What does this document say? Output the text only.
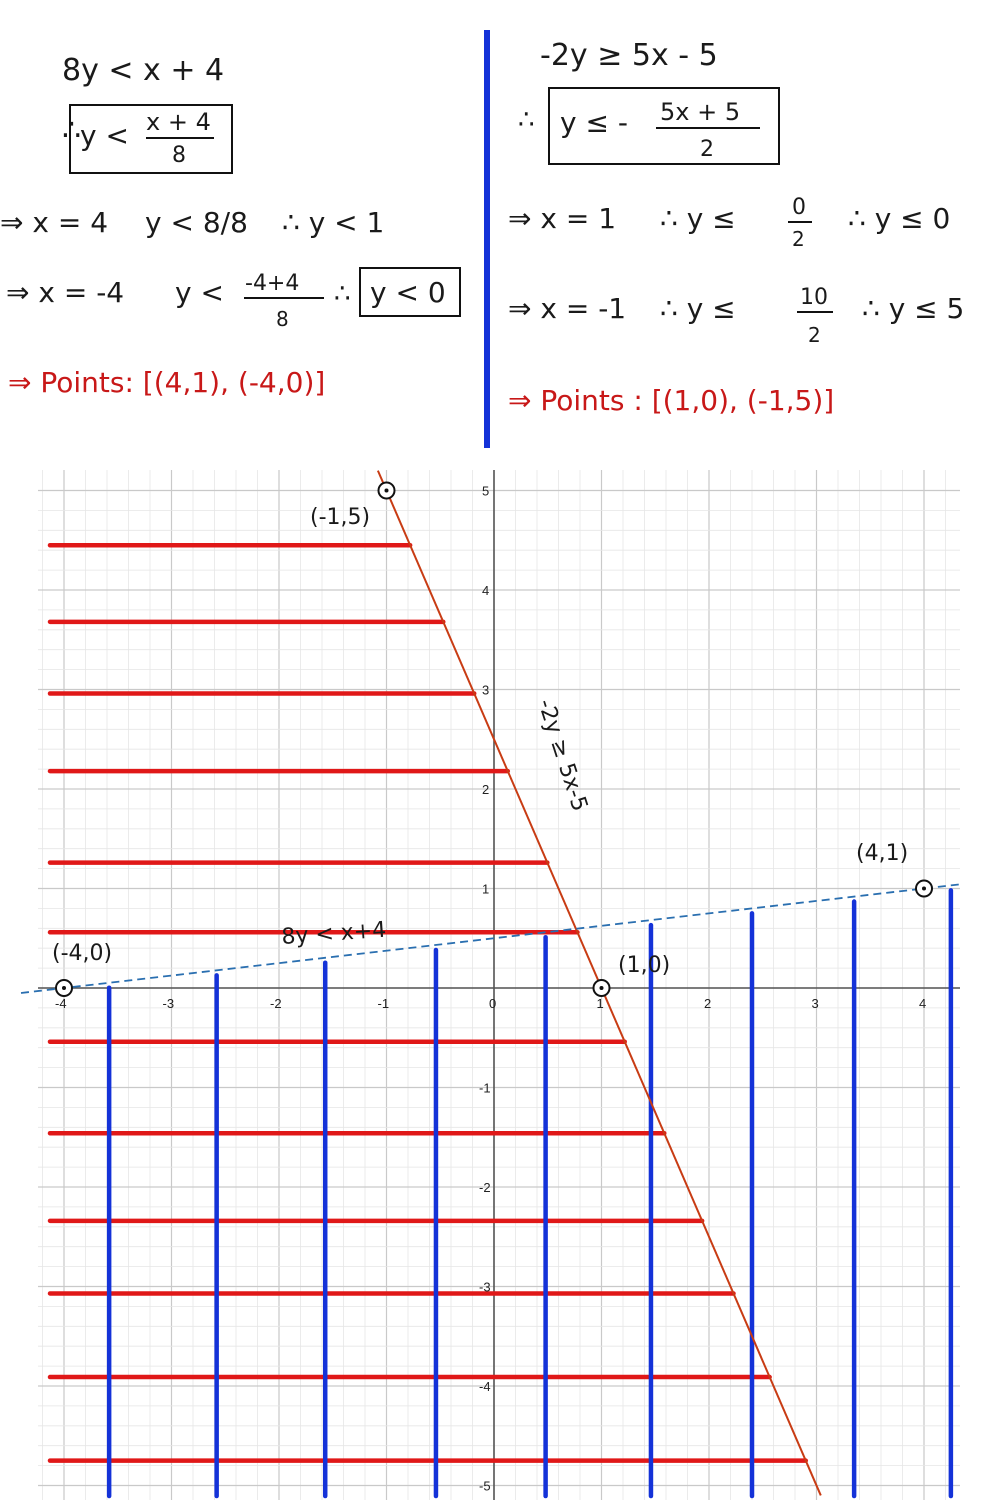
8y < x + 4
∴
y < x + 4
8
⇒ x = 4 y < 8/8 ∴ y < 1
⇒ x = -4 y < -4+4
8
∴ y < 0
⇒ Points: [(4,1), (-4,0)]
-2y ≥ 5x - 5
∴ y ≤ - 5x + 5
2
⇒ x = 1 ∴ y ≤	0
2
∴ y ≤ 0
⇒ x = -1 ∴ y ≤	10
2
∴ y ≤ 5
⇒ Points : [(1,0), (-1,5)]
-4	-3	-2	-1	0	1	2	3	4
-5
-4
-3
-2
-1
1
2
3
4
5
(-1,5)
(4,1)
(-4,0)	(1,0)
8y < x+4
-2y ≥ 5x-5
